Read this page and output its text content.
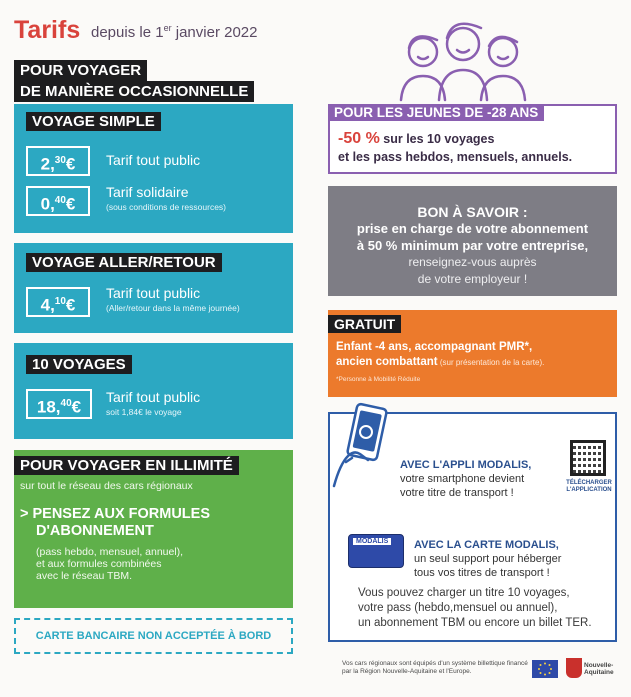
Tarifs depuis le 1er janvier 2022
POUR VOYAGER
DE MANIÈRE OCCASIONNELLE
VOYAGE SIMPLE
2,30€	Tarif tout public
0,40€
Tarif solidaire
(sous conditions de ressources)
VOYAGE ALLER/RETOUR
4,10€
Tarif tout public
(Aller/retour dans la même journée)
10 VOYAGES
18,40€
Tarif tout public
soit 1,84€ le voyage
POUR VOYAGER EN ILLIMITÉ
sur tout le réseau des cars régionaux
> PENSEZ AUX FORMULES
D'ABONNEMENT
(pass hebdo, mensuel, annuel),
et aux formules combinées
avec le réseau TBM.
CARTE BANCAIRE NON ACCEPTÉE À BORD
POUR LES JEUNES DE -28 ANS
-50 % sur les 10 voyages
et les pass hebdos, mensuels, annuels.
BON À SAVOIR :
prise en charge de votre abonnement
à 50 % minimum par votre entreprise,
renseignez-vous auprès
de votre employeur !
GRATUIT
Enfant -4 ans, accompagnant PMR*,
ancien combattant (sur présentation de la carte).
*Personne à Mobilité Réduite
AVEC L'APPLI MODALIS,
votre smartphone devient
votre titre de transport !
TÉLÉCHARGER L'APPLICATION
MODALIS AVEC LA CARTE MODALIS,
un seul support pour héberger
tous vos titres de transport !
Vous pouvez charger un titre 10 voyages,
votre pass (hebdo,mensuel ou annuel),
un abonnement TBM ou encore un billet TER.
Vos cars régionaux sont équipés d'un système billettique financé
par la Région Nouvelle-Aquitaine et l'Europe.
Nouvelle-
Aquitaine
